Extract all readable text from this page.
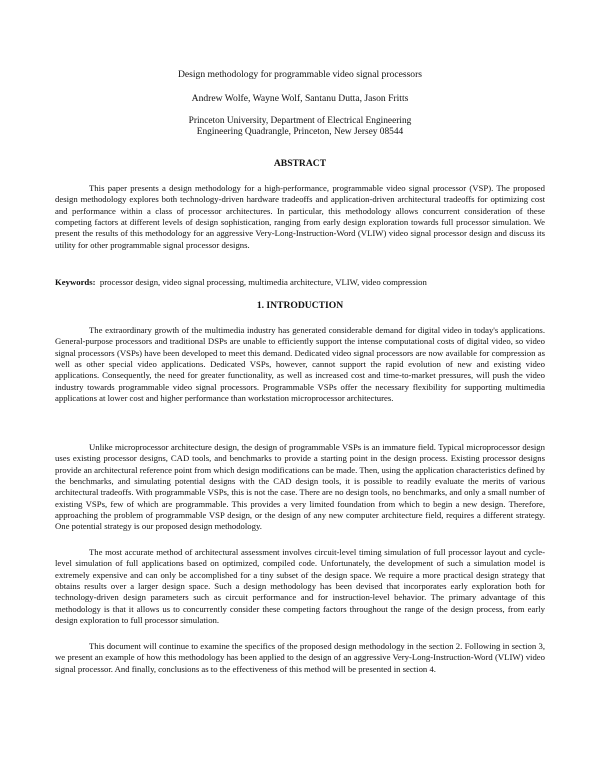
Design methodology for programmable video signal processors
Andrew Wolfe, Wayne Wolf, Santanu Dutta, Jason Fritts
Princeton University, Department of Electrical Engineering
Engineering Quadrangle, Princeton, New Jersey 08544
ABSTRACT

This paper presents a design methodology for a high-performance, programmable video signal processor (VSP). The proposed design methodology explores both technology-driven hardware tradeoffs and application-driven architectural tradeoffs for optimizing cost and performance within a class of processor architectures. In particular, this methodology allows concurrent consideration of these competing factors at different levels of design sophistication, ranging from early design exploration towards full processor simulation. We present the results of this methodology for an aggressive Very-Long-Instruction-Word (VLIW) video signal processor design and discuss its utility for other programmable signal processor designs.

Keywords: processor design, video signal processing, multimedia architecture, VLIW, video compression

1. INTRODUCTION

The extraordinary growth of the multimedia industry has generated considerable demand for digital video in today's applications. General-purpose processors and traditional DSPs are unable to efficiently support the intense computational costs of digital video, so video signal processors (VSPs) have been developed to meet this demand. Dedicated video signal processors are now available for compression as well as other special video applications. Dedicated VSPs, however, cannot support the rapid evolution of new and existing video applications. Consequently, the need for greater functionality, as well as increased cost and time-to-market pressures, will push the video industry towards programmable video signal processors. Programmable VSPs offer the necessary flexibility for supporting multimedia applications at lower cost and higher performance than workstation microprocessor architectures.

Unlike microprocessor architecture design, the design of programmable VSPs is an immature field. Typical microprocessor design uses existing processor designs, CAD tools, and benchmarks to provide a starting point in the design process. Existing processor designs provide an architectural reference point from which design modifications can be made. Then, using the application characteristics defined by the benchmarks, and simulating potential designs with the CAD design tools, it is possible to readily evaluate the merits of various architectural tradeoffs. With programmable VSPs, this is not the case. There are no design tools, no benchmarks, and only a small number of existing VSPs, few of which are programmable. This provides a very limited foundation from which to begin a new design. Therefore, approaching the problem of programmable VSP design, or the design of any new computer architecture field, requires a different strategy. One potential strategy is our proposed design methodology.

The most accurate method of architectural assessment involves circuit-level timing simulation of full processor layout and cycle-level simulation of full applications based on optimized, compiled code. Unfortunately, the development of such a simulation model is extremely expensive and can only be accomplished for a tiny subset of the design space. We require a more practical design strategy that obtains results over a larger design space. Such a design methodology has been devised that incorporates early exploration both for technology-driven design parameters such as circuit performance and for instruction-level behavior. The primary advantage of this methodology is that it allows us to concurrently consider these competing factors throughout the range of the design process, from early design exploration to full processor simulation.

This document will continue to examine the specifics of the proposed design methodology in the section 2. Following in section 3, we present an example of how this methodology has been applied to the design of an aggressive Very-Long-Instruction-Word (VLIW) video signal processor. And finally, conclusions as to the effectiveness of this method will be presented in section 4.
